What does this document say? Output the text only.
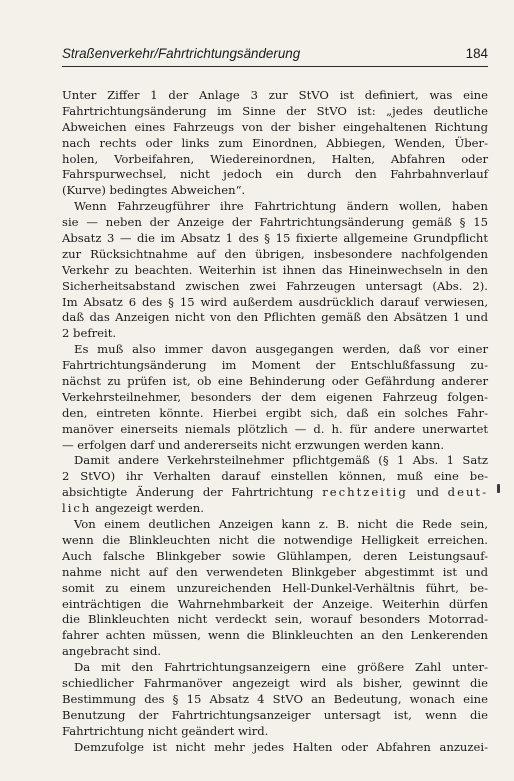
Straßenverkehr/Fahrtrichtungsänderung	184
Unter Ziffer 1 der Anlage 3 zur StVO ist definiert, was eine
Fahrtrichtungsänderung im Sinne der StVO ist: „jedes deutliche
Abweichen eines Fahrzeugs von der bisher eingehaltenen Richtung
nach rechts oder links zum Einordnen, Abbiegen, Wenden, Über-
holen, Vorbeifahren, Wiedereinordnen, Halten, Abfahren oder
Fahrspurwechsel, nicht jedoch ein durch den Fahrbahnverlauf
(Kurve) bedingtes Abweichen“.
Wenn Fahrzeugführer ihre Fahrtrichtung ändern wollen, haben
sie — neben der Anzeige der Fahrtrichtungsänderung gemäß § 15
Absatz 3 — die im Absatz 1 des § 15 fixierte allgemeine Grundpflicht
zur Rücksichtnahme auf den übrigen, insbesondere nachfolgenden
Verkehr zu beachten. Weiterhin ist ihnen das Hineinwechseln in den
Sicherheitsabstand zwischen zwei Fahrzeugen untersagt (Abs. 2).
Im Absatz 6 des § 15 wird außerdem ausdrücklich darauf verwiesen,
daß das Anzeigen nicht von den Pflichten gemäß den Absätzen 1 und
2 befreit.
Es muß also immer davon ausgegangen werden, daß vor einer
Fahrtrichtungsänderung im Moment der Entschlußfassung zu-
nächst zu prüfen ist, ob eine Behinderung oder Gefährdung anderer
Verkehrsteilnehmer, besonders der dem eigenen Fahrzeug folgen-
den, eintreten könnte. Hierbei ergibt sich, daß ein solches Fahr-
manöver einerseits niemals plötzlich — d. h. für andere unerwartet
— erfolgen darf und andererseits nicht erzwungen werden kann.
Damit andere Verkehrsteilnehmer pflichtgemäß (§ 1 Abs. 1 Satz
2 StVO) ihr Verhalten darauf einstellen können, muß eine be-
absichtigte Änderung der Fahrtrichtung rechtzeitig und deut-
lich angezeigt werden.
Von einem deutlichen Anzeigen kann z. B. nicht die Rede sein,
wenn die Blinkleuchten nicht die notwendige Helligkeit erreichen.
Auch falsche Blinkgeber sowie Glühlampen, deren Leistungsauf-
nahme nicht auf den verwendeten Blinkgeber abgestimmt ist und
somit zu einem unzureichenden Hell-Dunkel-Verhältnis führt, be-
einträchtigen die Wahrnehmbarkeit der Anzeige. Weiterhin dürfen
die Blinkleuchten nicht verdeckt sein, worauf besonders Motorrad-
fahrer achten müssen, wenn die Blinkleuchten an den Lenkerenden
angebracht sind.
Da mit den Fahrtrichtungsanzeigern eine größere Zahl unter-
schiedlicher Fahrmanöver angezeigt wird als bisher, gewinnt die
Bestimmung des § 15 Absatz 4 StVO an Bedeutung, wonach eine
Benutzung der Fahrtrichtungsanzeiger untersagt ist, wenn die
Fahrtrichtung nicht geändert wird.
Demzufolge ist nicht mehr jedes Halten oder Abfahren anzuzei-
